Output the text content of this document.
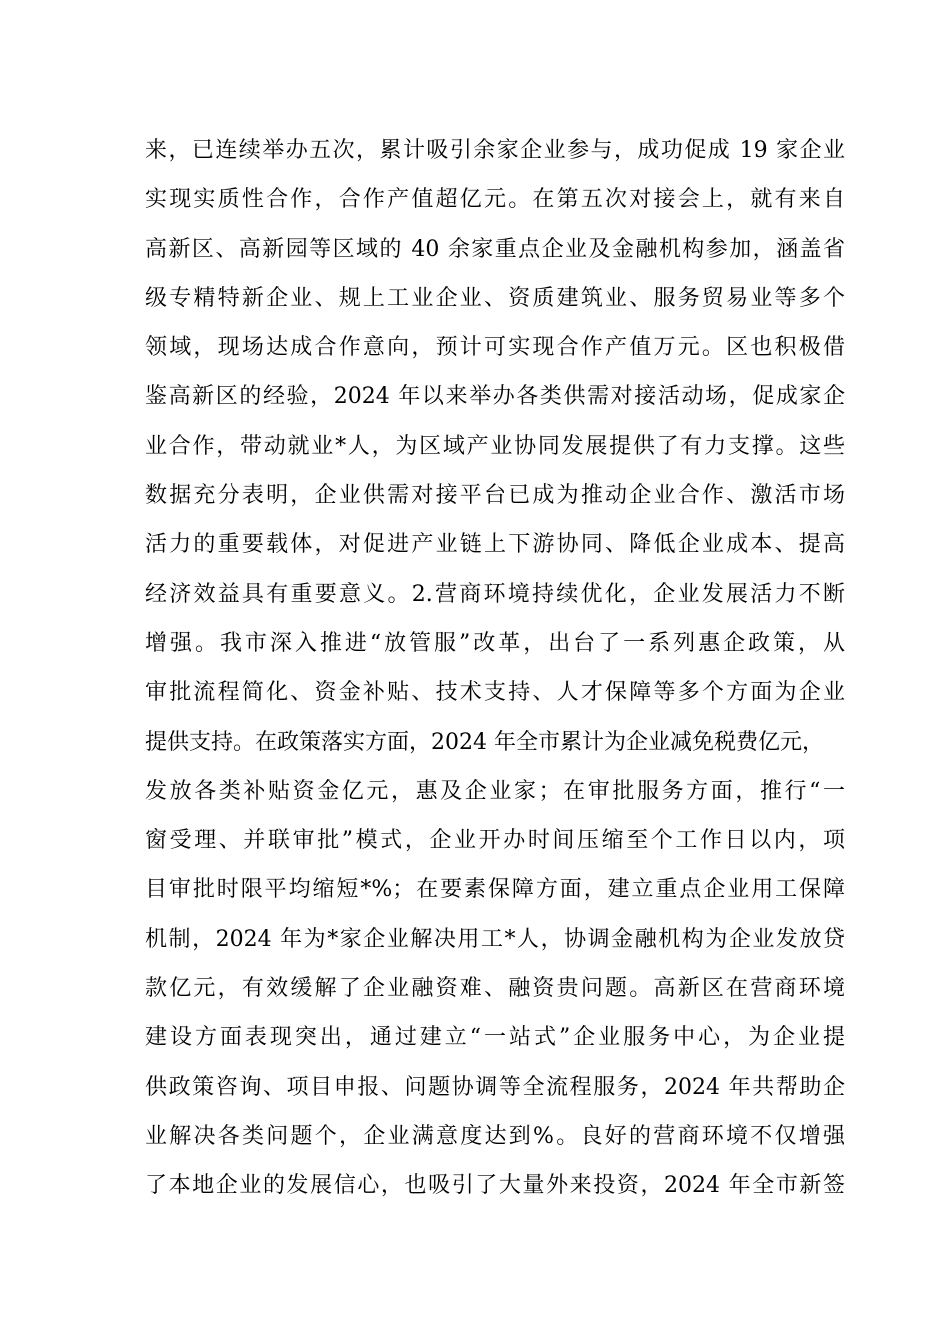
来，已连续举办五次，累计吸引余家企业参与，成功促成 19 家企业
实现实质性合作，合作产值超亿元。在第五次对接会上，就有来自
高新区、高新园等区域的 40 余家重点企业及金融机构参加，涵盖省
级专精特新企业、规上工业企业、资质建筑业、服务贸易业等多个
领域，现场达成合作意向，预计可实现合作产值万元。区也积极借
鉴高新区的经验，2024 年以来举办各类供需对接活动场，促成家企
业合作，带动就业*人，为区域产业协同发展提供了有力支撑。这些
数据充分表明，企业供需对接平台已成为推动企业合作、激活市场
活力的重要载体，对促进产业链上下游协同、降低企业成本、提高
经济效益具有重要意义。2.营商环境持续优化，企业发展活力不断
增强。我市深入推进“放管服”改革，出台了一系列惠企政策，从
审批流程简化、资金补贴、技术支持、人才保障等多个方面为企业
提供支持。在政策落实方面，2024 年全市累计为企业减免税费亿元，
发放各类补贴资金亿元，惠及企业家；在审批服务方面，推行“一
窗受理、并联审批”模式，企业开办时间压缩至个工作日以内，项
目审批时限平均缩短*%；在要素保障方面，建立重点企业用工保障
机制，2024 年为*家企业解决用工*人，协调金融机构为企业发放贷
款亿元，有效缓解了企业融资难、融资贵问题。高新区在营商环境
建设方面表现突出，通过建立“一站式”企业服务中心，为企业提
供政策咨询、项目申报、问题协调等全流程服务，2024 年共帮助企
业解决各类问题个，企业满意度达到%。良好的营商环境不仅增强
了本地企业的发展信心，也吸引了大量外来投资，2024 年全市新签
